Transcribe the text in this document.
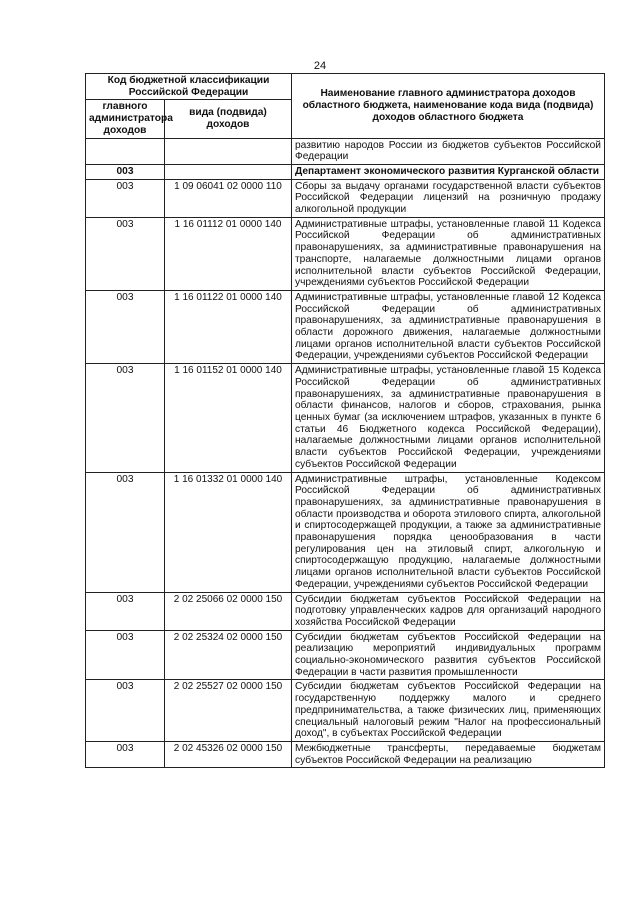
24
Код бюджетной классификации Российской Федерации		Наименование главного администратора доходов областного бюджета, наименование кода вида (подвида) доходов областного бюджета
главного администратора доходов	вида (подвида) доходов	
		развитию народов России из бюджетов субъектов Российской Федерации
003		Департамент экономического развития Курганской области
003	1 09 06041 02 0000 110	Сборы за выдачу органами государственной власти субъектов Российской Федерации лицензий на розничную продажу алкогольной продукции
003	1 16 01112 01 0000 140	Административные штрафы, установленные главой 11 Кодекса Российской Федерации об административных правонарушениях, за административные правонарушения на транспорте, налагаемые должностными лицами органов исполнительной власти субъектов Российской Федерации, учреждениями субъектов Российской Федерации
003	1 16 01122 01 0000 140	Административные штрафы, установленные главой 12 Кодекса Российской Федерации об административных правонарушениях, за административные правонарушения в области дорожного движения, налагаемые должностными лицами органов исполнительной власти субъектов Российской Федерации, учреждениями субъектов Российской Федерации
003	1 16 01152 01 0000 140	Административные штрафы, установленные главой 15 Кодекса Российской Федерации об административных правонарушениях, за административные правонарушения в области финансов, налогов и сборов, страхования, рынка ценных бумаг (за исключением штрафов, указанных в пункте 6 статьи 46 Бюджетного кодекса Российской Федерации), налагаемые должностными лицами органов исполнительной власти субъектов Российской Федерации, учреждениями субъектов Российской Федерации
003	1 16 01332 01 0000 140	Административные штрафы, установленные Кодексом Российской Федерации об административных правонарушениях, за административные правонарушения в области производства и оборота этилового спирта, алкогольной и спиртосодержащей продукции, а также за административные правонарушения порядка ценообразования в части регулирования цен на этиловый спирт, алкогольную и спиртосодержащую продукцию, налагаемые должностными лицами органов исполнительной власти субъектов Российской Федерации, учреждениями субъектов Российской Федерации
003	2 02 25066 02 0000 150	Субсидии бюджетам субъектов Российской Федерации на подготовку управленческих кадров для организаций народного хозяйства Российской Федерации
003	2 02 25324 02 0000 150	Субсидии бюджетам субъектов Российской Федерации на реализацию мероприятий индивидуальных программ социально-экономического развития субъектов Российской Федерации в части развития промышленности
003	2 02 25527 02 0000 150	Субсидии бюджетам субъектов Российской Федерации на государственную поддержку малого и среднего предпринимательства, а также физических лиц, применяющих специальный налоговый режим "Налог на профессиональный доход", в субъектах Российской Федерации
003	2 02 45326 02 0000 150	Межбюджетные трансферты, передаваемые бюджетам субъектов Российской Федерации на реализацию
